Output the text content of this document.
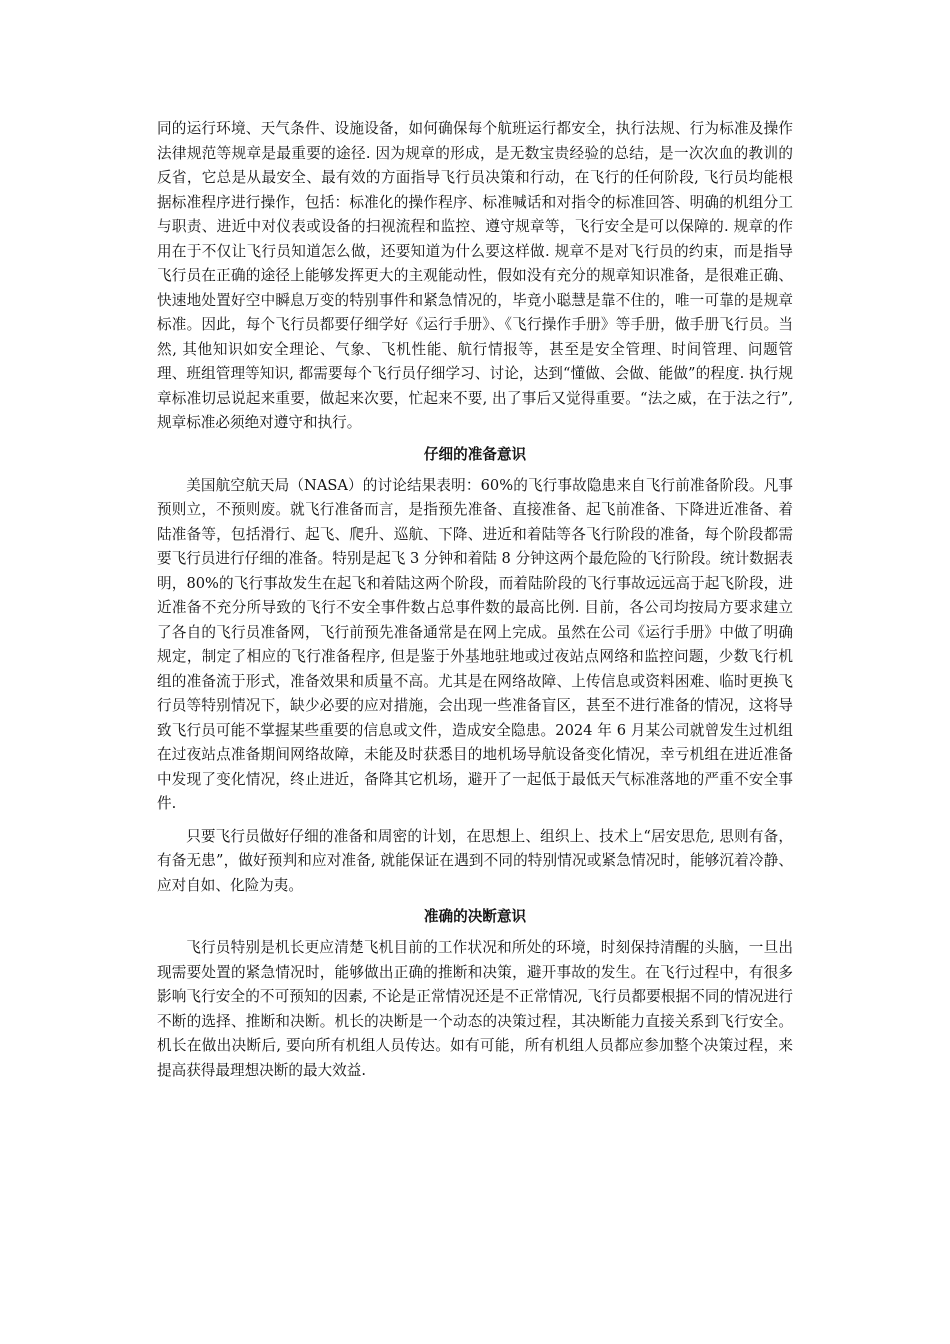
同的运行环境、天气条件、设施设备，如何确保每个航班运行都安全，执行法规、行为标准及操作法律规范等规章是最重要的途径. 因为规章的形成，是无数宝贵经验的总结，是一次次血的教训的反省，它总是从最安全、最有效的方面指导飞行员决策和行动，在飞行的任何阶段, 飞行员均能根据标准程序进行操作，包括：标准化的操作程序、标准喊话和对指令的标准回答、明确的机组分工与职责、进近中对仪表或设备的扫视流程和监控、遵守规章等，飞行安全是可以保障的. 规章的作用在于不仅让飞行员知道怎么做，还要知道为什么要这样做. 规章不是对飞行员的约束，而是指导飞行员在正确的途径上能够发挥更大的主观能动性，假如没有充分的规章知识准备，是很难正确、快速地处置好空中瞬息万变的特别事件和紧急情况的，毕竟小聪慧是靠不住的，唯一可靠的是规章标准。因此，每个飞行员都要仔细学好《运行手册》、《飞行操作手册》等手册，做手册飞行员。当然, 其他知识如安全理论、气象、飞机性能、航行情报等，甚至是安全管理、时间管理、问题管理、班组管理等知识, 都需要每个飞行员仔细学习、讨论，达到“懂做、会做、能做”的程度. 执行规章标准切忌说起来重要，做起来次要，忙起来不要, 出了事后又觉得重要。“法之威，在于法之行”, 规章标准必须绝对遵守和执行。

仔细的准备意识

美国航空航天局（NASA）的讨论结果表明：60%的飞行事故隐患来自飞行前准备阶段。凡事预则立，不预则废。就飞行准备而言，是指预先准备、直接准备、起飞前准备、下降进近准备、着陆准备等，包括滑行、起飞、爬升、巡航、下降、进近和着陆等各飞行阶段的准备，每个阶段都需要飞行员进行仔细的准备。特别是起飞 3 分钟和着陆 8 分钟这两个最危险的飞行阶段。统计数据表明，80%的飞行事故发生在起飞和着陆这两个阶段，而着陆阶段的飞行事故远远高于起飞阶段，进近准备不充分所导致的飞行不安全事件数占总事件数的最高比例. 目前，各公司均按局方要求建立了各自的飞行员准备网，飞行前预先准备通常是在网上完成。虽然在公司《运行手册》中做了明确规定，制定了相应的飞行准备程序, 但是鉴于外基地驻地或过夜站点网络和监控问题，少数飞行机组的准备流于形式，准备效果和质量不高。尤其是在网络故障、上传信息或资料困难、临时更换飞行员等特别情况下，缺少必要的应对措施，会出现一些准备盲区，甚至不进行准备的情况，这将导致飞行员可能不掌握某些重要的信息或文件，造成安全隐患。2024 年 6 月某公司就曾发生过机组在过夜站点准备期间网络故障，未能及时获悉目的地机场导航设备变化情况，幸亏机组在进近准备中发现了变化情况，终止进近，备降其它机场，避开了一起低于最低天气标准落地的严重不安全事件.

只要飞行员做好仔细的准备和周密的计划，在思想上、组织上、技术上“居安思危, 思则有备，有备无患”，做好预判和应对准备, 就能保证在遇到不同的特别情况或紧急情况时，能够沉着冷静、应对自如、化险为夷。

准确的决断意识

飞行员特别是机长更应清楚飞机目前的工作状况和所处的环境，时刻保持清醒的头脑，一旦出现需要处置的紧急情况时，能够做出正确的推断和决策，避开事故的发生。在飞行过程中，有很多影响飞行安全的不可预知的因素, 不论是正常情况还是不正常情况, 飞行员都要根据不同的情况进行不断的选择、推断和决断。机长的决断是一个动态的决策过程，其决断能力直接关系到飞行安全。机长在做出决断后, 要向所有机组人员传达。如有可能，所有机组人员都应参加整个决策过程，来提高获得最理想决断的最大效益.
